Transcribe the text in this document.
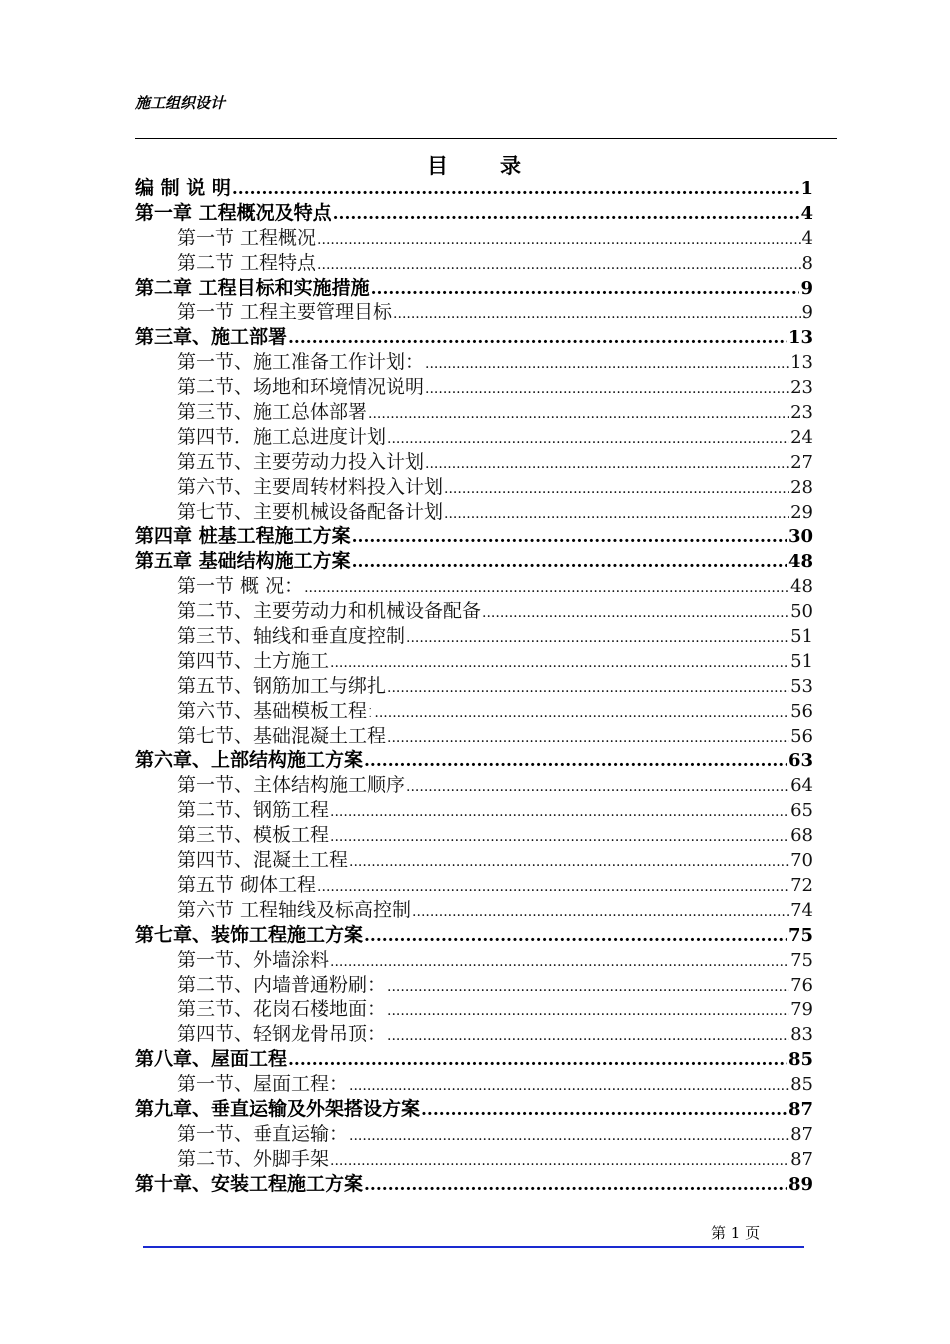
施工组织设计
目 录
编 制 说 明 .....	1
第一章 工程概况及特点 .....	4
第一节 工程概况 .....	4
第二节 工程特点 .....	8
第二章 工程目标和实施措施 .....	9
第一节 工程主要管理目标 .....	9
第三章、施工部署 .....	13
第一节、施工准备工作计划： .....	13
第二节、场地和环境情况说明 .....	23
第三节、施工总体部署 .....	23
第四节．施工总进度计划 .....	24
第五节、主要劳动力投入计划 .....	27
第六节、主要周转材料投入计划 .....	28
第七节、主要机械设备配备计划 .....	29
第四章 桩基工程施工方案 .....	30
第五章 基础结构施工方案 .....	48
第一节 概 况： .....	48
第二节、主要劳动力和机械设备配备 .....	50
第三节、轴线和垂直度控制 .....	51
第四节、土方施工 .....	51
第五节、钢筋加工与绑扎 .....	53
第六节、基础模板工程: .....	56
第七节、基础混凝土工程 .....	56
第六章、上部结构施工方案 .....	63
第一节、主体结构施工顺序 .....	64
第二节、钢筋工程 .....	65
第三节、模板工程 .....	68
第四节、混凝土工程 .....	70
第五节 砌体工程 .....	72
第六节 工程轴线及标高控制 .....	74
第七章、装饰工程施工方案 .....	75
第一节、外墙涂料 .....	75
第二节、内墙普通粉刷： .....	76
第三节、花岗石楼地面： .....	79
第四节、轻钢龙骨吊顶： .....	83
第八章、屋面工程 .....	85
第一节、屋面工程： .....	85
第九章、垂直运输及外架搭设方案 .....	87
第一节、垂直运输： .....	87
第二节、外脚手架 .....	87
第十章、安装工程施工方案 .....	89
第 1 页
